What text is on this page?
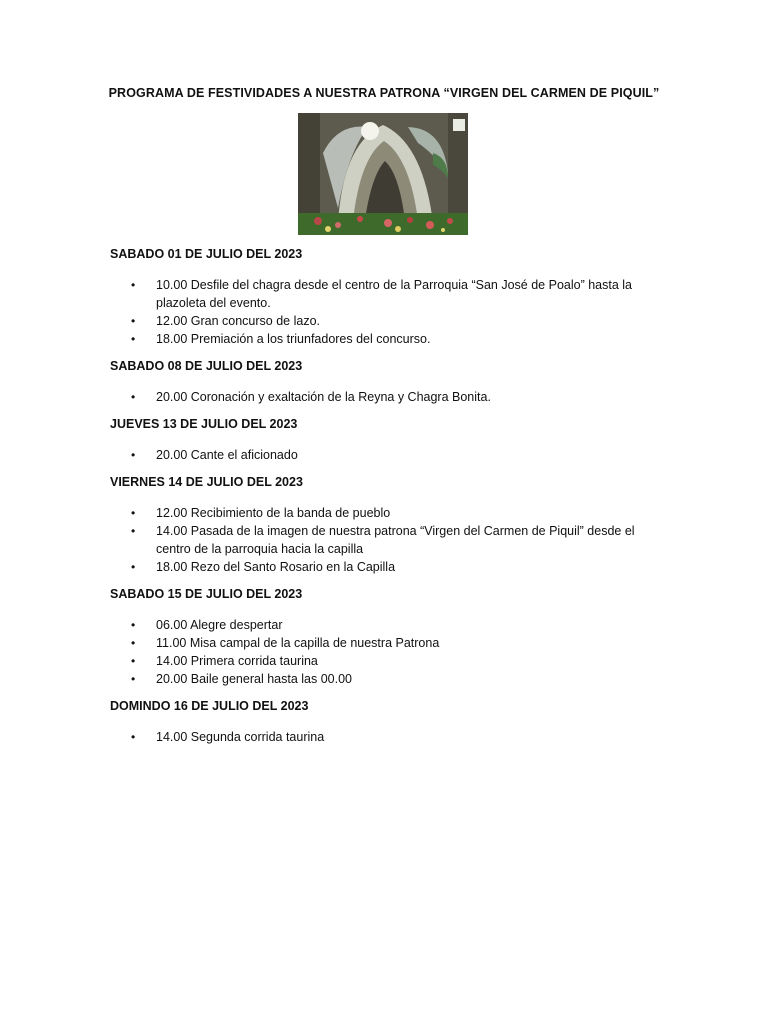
PROGRAMA DE FESTIVIDADES A NUESTRA PATRONA “VIRGEN DEL CARMEN DE PIQUIL”
SABADO 01 DE JULIO DEL 2023
• 10.00 Desfile del chagra desde el centro de la Parroquia “San José de Poalo” hasta la plazoleta del evento.
• 12.00 Gran concurso de lazo.
• 18.00 Premiación a los triunfadores del concurso.
SABADO 08 DE JULIO DEL 2023
• 20.00 Coronación y exaltación de la Reyna y Chagra Bonita.
JUEVES 13 DE JULIO DEL 2023
• 20.00 Cante el aficionado
VIERNES 14 DE JULIO DEL 2023
• 12.00 Recibimiento de la banda de pueblo
• 14.00 Pasada de la imagen de nuestra patrona “Virgen del Carmen de Piquil” desde el centro de la parroquia hacia la capilla
• 18.00 Rezo del Santo Rosario en la Capilla
SABADO 15 DE JULIO DEL 2023
• 06.00 Alegre despertar
• 11.00 Misa campal de la capilla de nuestra Patrona
• 14.00 Primera corrida taurina
• 20.00 Baile general hasta las 00.00
DOMINDO 16 DE JULIO DEL 2023
• 14.00 Segunda corrida taurina
